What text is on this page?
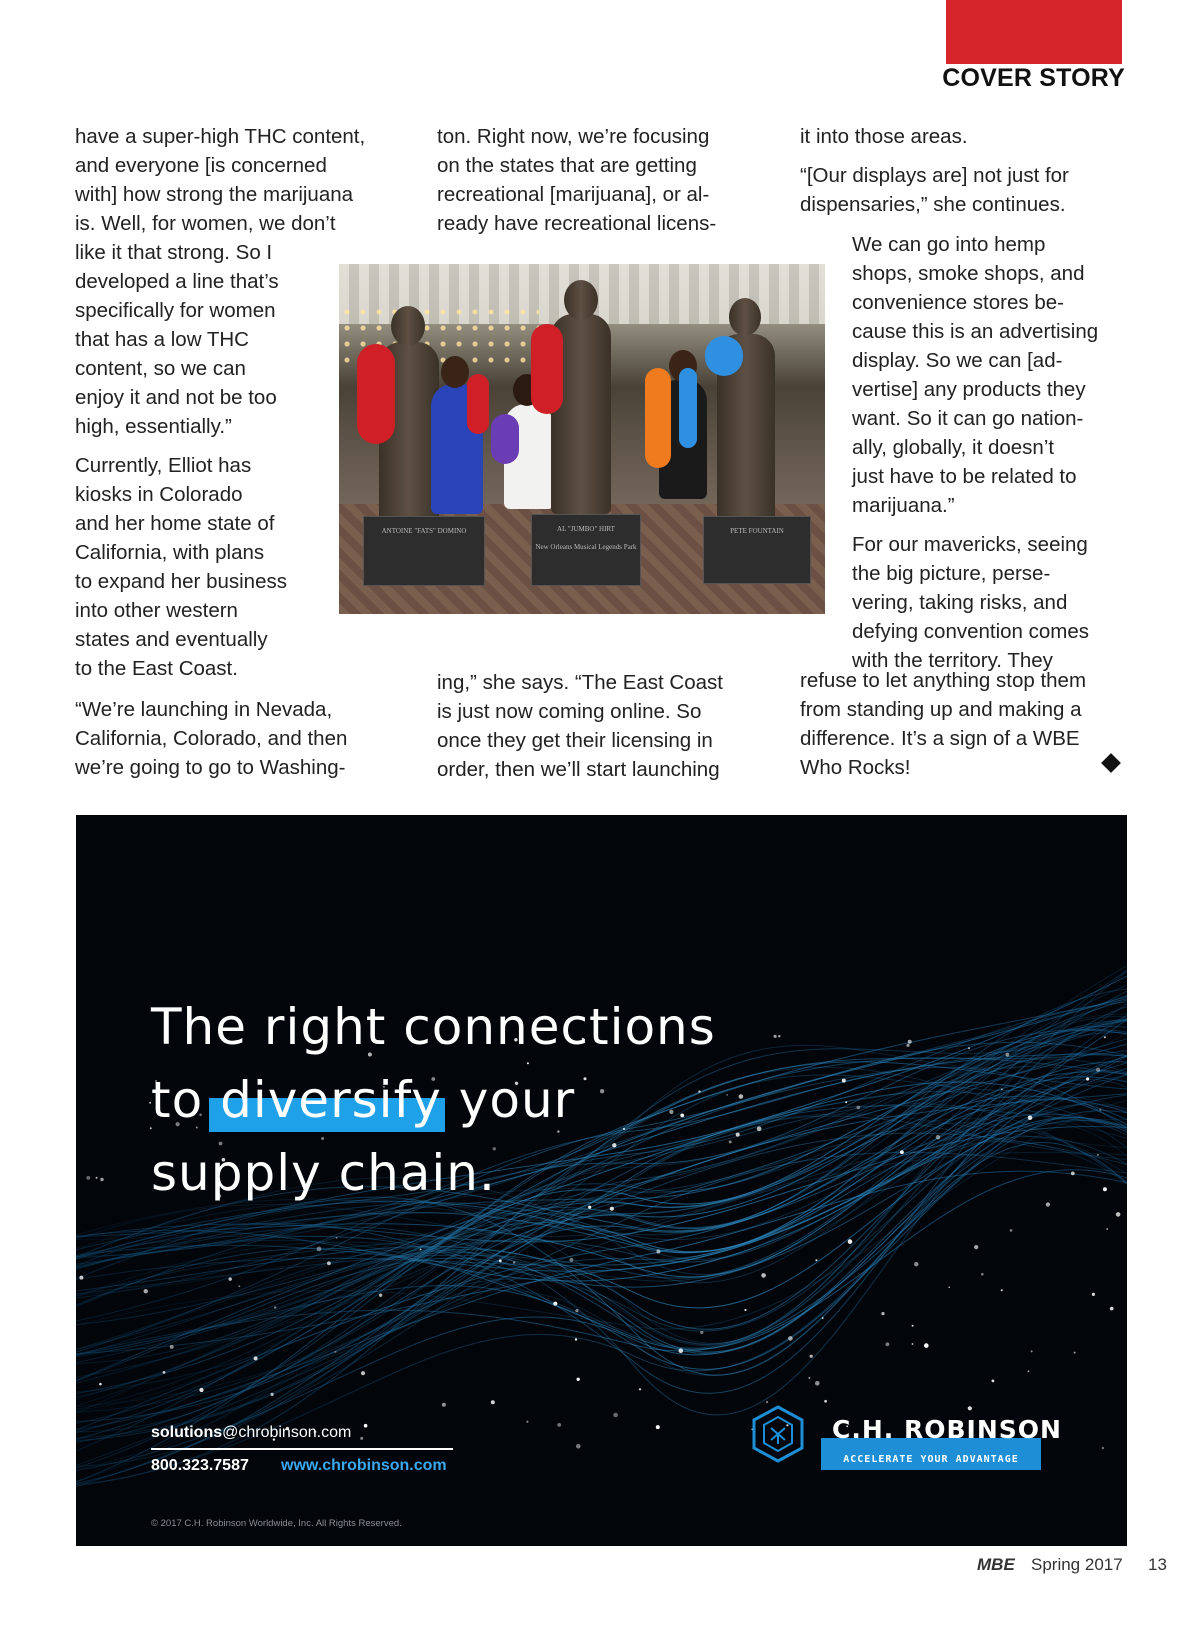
COVER STORY

have a super-high THC content,
and everyone [is concerned
with] how strong the marijuana
is. Well, for women, we don’t
like it that strong. So I
developed a line that’s
specifically for women
that has a low THC
content, so we can
enjoy it and not be too
high, essentially.”

Currently, Elliot has
kiosks in Colorado
and her home state of
California, with plans
to expand her business
into other western
states and eventually
to the East Coast.

“We’re launching in Nevada,
California, Colorado, and then
we’re going to go to Washing-

ton. Right now, we’re focusing
on the states that are getting
recreational [marijuana], or al-
ready have recreational licens-

ing,” she says. “The East Coast
is just now coming online. So
once they get their licensing in
order, then we’ll start launching

it into those areas.

“[Our displays are] not just for
dispensaries,” she continues.

We can go into hemp
shops, smoke shops, and
convenience stores be-
cause this is an advertising
display. So we can [ad-
vertise] any products they
want. So it can go nation-
ally, globally, it doesn’t
just have to be related to
marijuana.”

For our mavericks, seeing
the big picture, perse-
vering, taking risks, and
defying convention comes
with the territory. They

refuse to let anything stop them
from standing up and making a
difference. It’s a sign of a WBE
Who Rocks!

ANTOINE "FATS" DOMINO	AL "JUMBO" HIRT
New Orleans Musical Legends Park
PETE FOUNTAIN
The right connections
to diversify your
supply chain.
solutions@chrobinson.com
800.323.7587 www.chrobinson.com
© 2017 C.H. Robinson Worldwide, Inc. All Rights Reserved.
ACCELERATE YOUR ADVANTAGE
C.H. ROBINSON
MBE Spring 2017 13
